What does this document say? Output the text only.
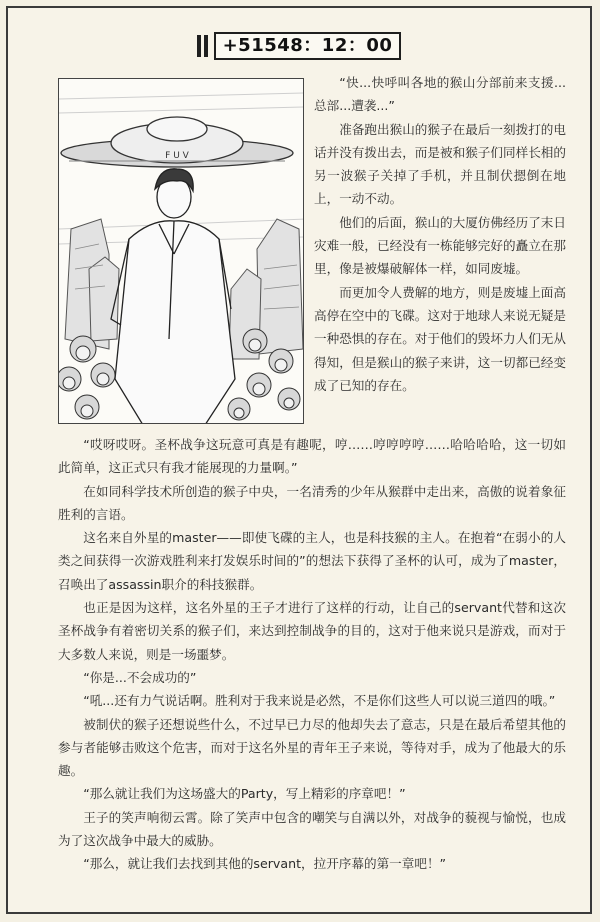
+51548：12：00
F U V

“快...快呼叫各地的猴山分部前来支援...总部...遭袭...”

准备跑出猴山的猴子在最后一刻拨打的电话并没有拨出去，而是被和猴子们同样长相的另一波猴子关掉了手机，并且制伏摁倒在地上，一动不动。

他们的后面，猴山的大厦仿佛经历了末日灾难一般，已经没有一栋能够完好的矗立在那里，像是被爆破解体一样，如同废墟。

而更加令人费解的地方，则是废墟上面高高停在空中的飞碟。这对于地球人来说无疑是一种恐惧的存在。对于他们的毁坏力人们无从得知，但是猴山的猴子来讲，这一切都已经变成了已知的存在。

“哎呀哎呀。圣杯战争这玩意可真是有趣呢，哼……哼哼哼哼……哈哈哈哈，这一切如此简单，这正式只有我才能展现的力量啊。”

在如同科学技术所创造的猴子中央，一名清秀的少年从猴群中走出来，高傲的说着象征胜利的言语。

这名来自外星的master——即使飞碟的主人，也是科技猴的主人。在抱着“在弱小的人类之间获得一次游戏胜利来打发娱乐时间的”的想法下获得了圣杯的认可，成为了master，召唤出了assassin职介的科技猴群。

也正是因为这样，这名外星的王子才进行了这样的行动，让自己的servant代替和这次圣杯战争有着密切关系的猴子们，来达到控制战争的目的，这对于他来说只是游戏，而对于大多数人来说，则是一场噩梦。

“你是...不会成功的”

“吼...还有力气说话啊。胜利对于我来说是必然，不是你们这些人可以说三道四的哦。”

被制伏的猴子还想说些什么，不过早已力尽的他却失去了意志，只是在最后希望其他的参与者能够击败这个危害，而对于这名外星的青年王子来说，等待对手，成为了他最大的乐趣。

“那么就让我们为这场盛大的Party，写上精彩的序章吧！”

王子的笑声响彻云霄。除了笑声中包含的嘲笑与自满以外，对战争的藐视与愉悦，也成为了这次战争中最大的威胁。

“那么，就让我们去找到其他的servant，拉开序幕的第一章吧！”
